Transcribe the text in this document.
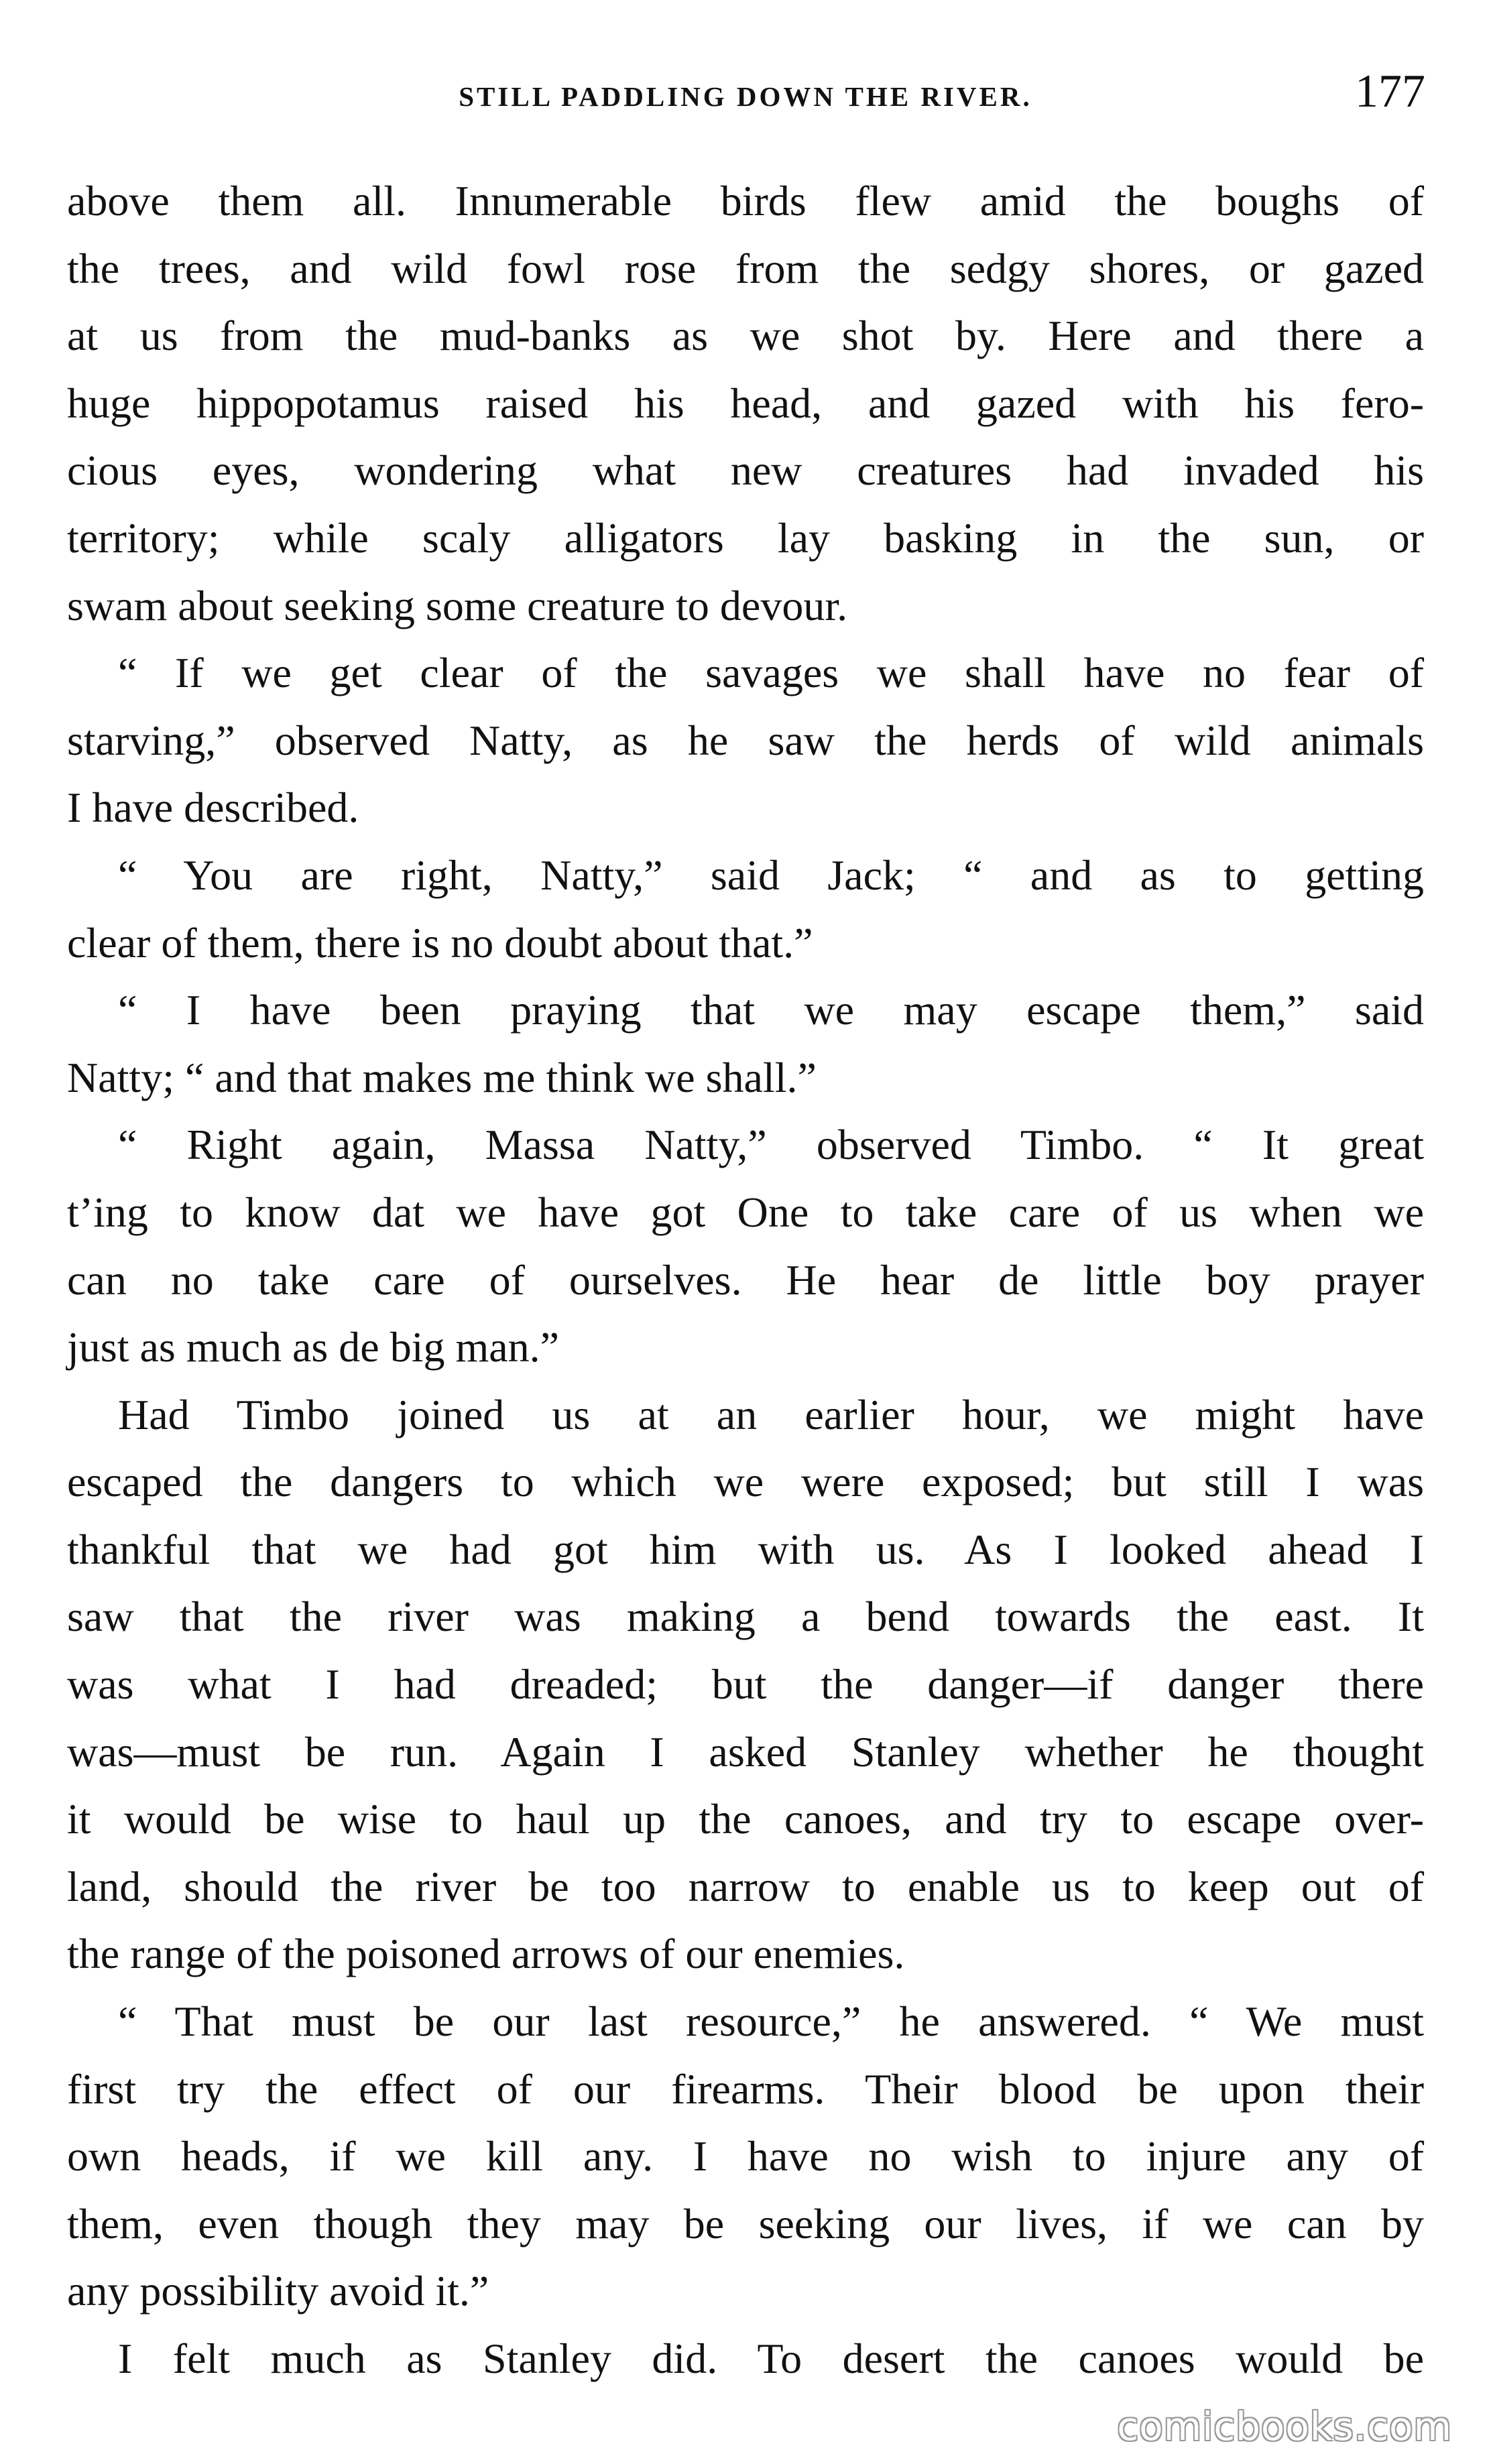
STILL PADDLING DOWN THE RIVER.	177
above them all. Innumerable birds flew amid the boughs of
the trees, and wild fowl rose from the sedgy shores, or gazed
at us from the mud-banks as we shot by. Here and there a
huge hippopotamus raised his head, and gazed with his fero-
cious eyes, wondering what new creatures had invaded his
territory; while scaly alligators lay basking in the sun, or
swam about seeking some creature to devour.
“ If we get clear of the savages we shall have no fear of
starving,” observed Natty, as he saw the herds of wild animals
I have described.
“ You are right, Natty,” said Jack; “ and as to getting
clear of them, there is no doubt about that.”
“ I have been praying that we may escape them,” said
Natty; “ and that makes me think we shall.”
“ Right again, Massa Natty,” observed Timbo. “ It great
t’ing to know dat we have got One to take care of us when we
can no take care of ourselves. He hear de little boy prayer
just as much as de big man.”
Had Timbo joined us at an earlier hour, we might have
escaped the dangers to which we were exposed; but still I was
thankful that we had got him with us. As I looked ahead I
saw that the river was making a bend towards the east. It
was what I had dreaded; but the danger—if danger there
was—must be run. Again I asked Stanley whether he thought
it would be wise to haul up the canoes, and try to escape over-
land, should the river be too narrow to enable us to keep out of
the range of the poisoned arrows of our enemies.
“ That must be our last resource,” he answered. “ We must
first try the effect of our firearms. Their blood be upon their
own heads, if we kill any. I have no wish to injure any of
them, even though they may be seeking our lives, if we can by
any possibility avoid it.”
I felt much as Stanley did. To desert the canoes would be
comicbooks.com
